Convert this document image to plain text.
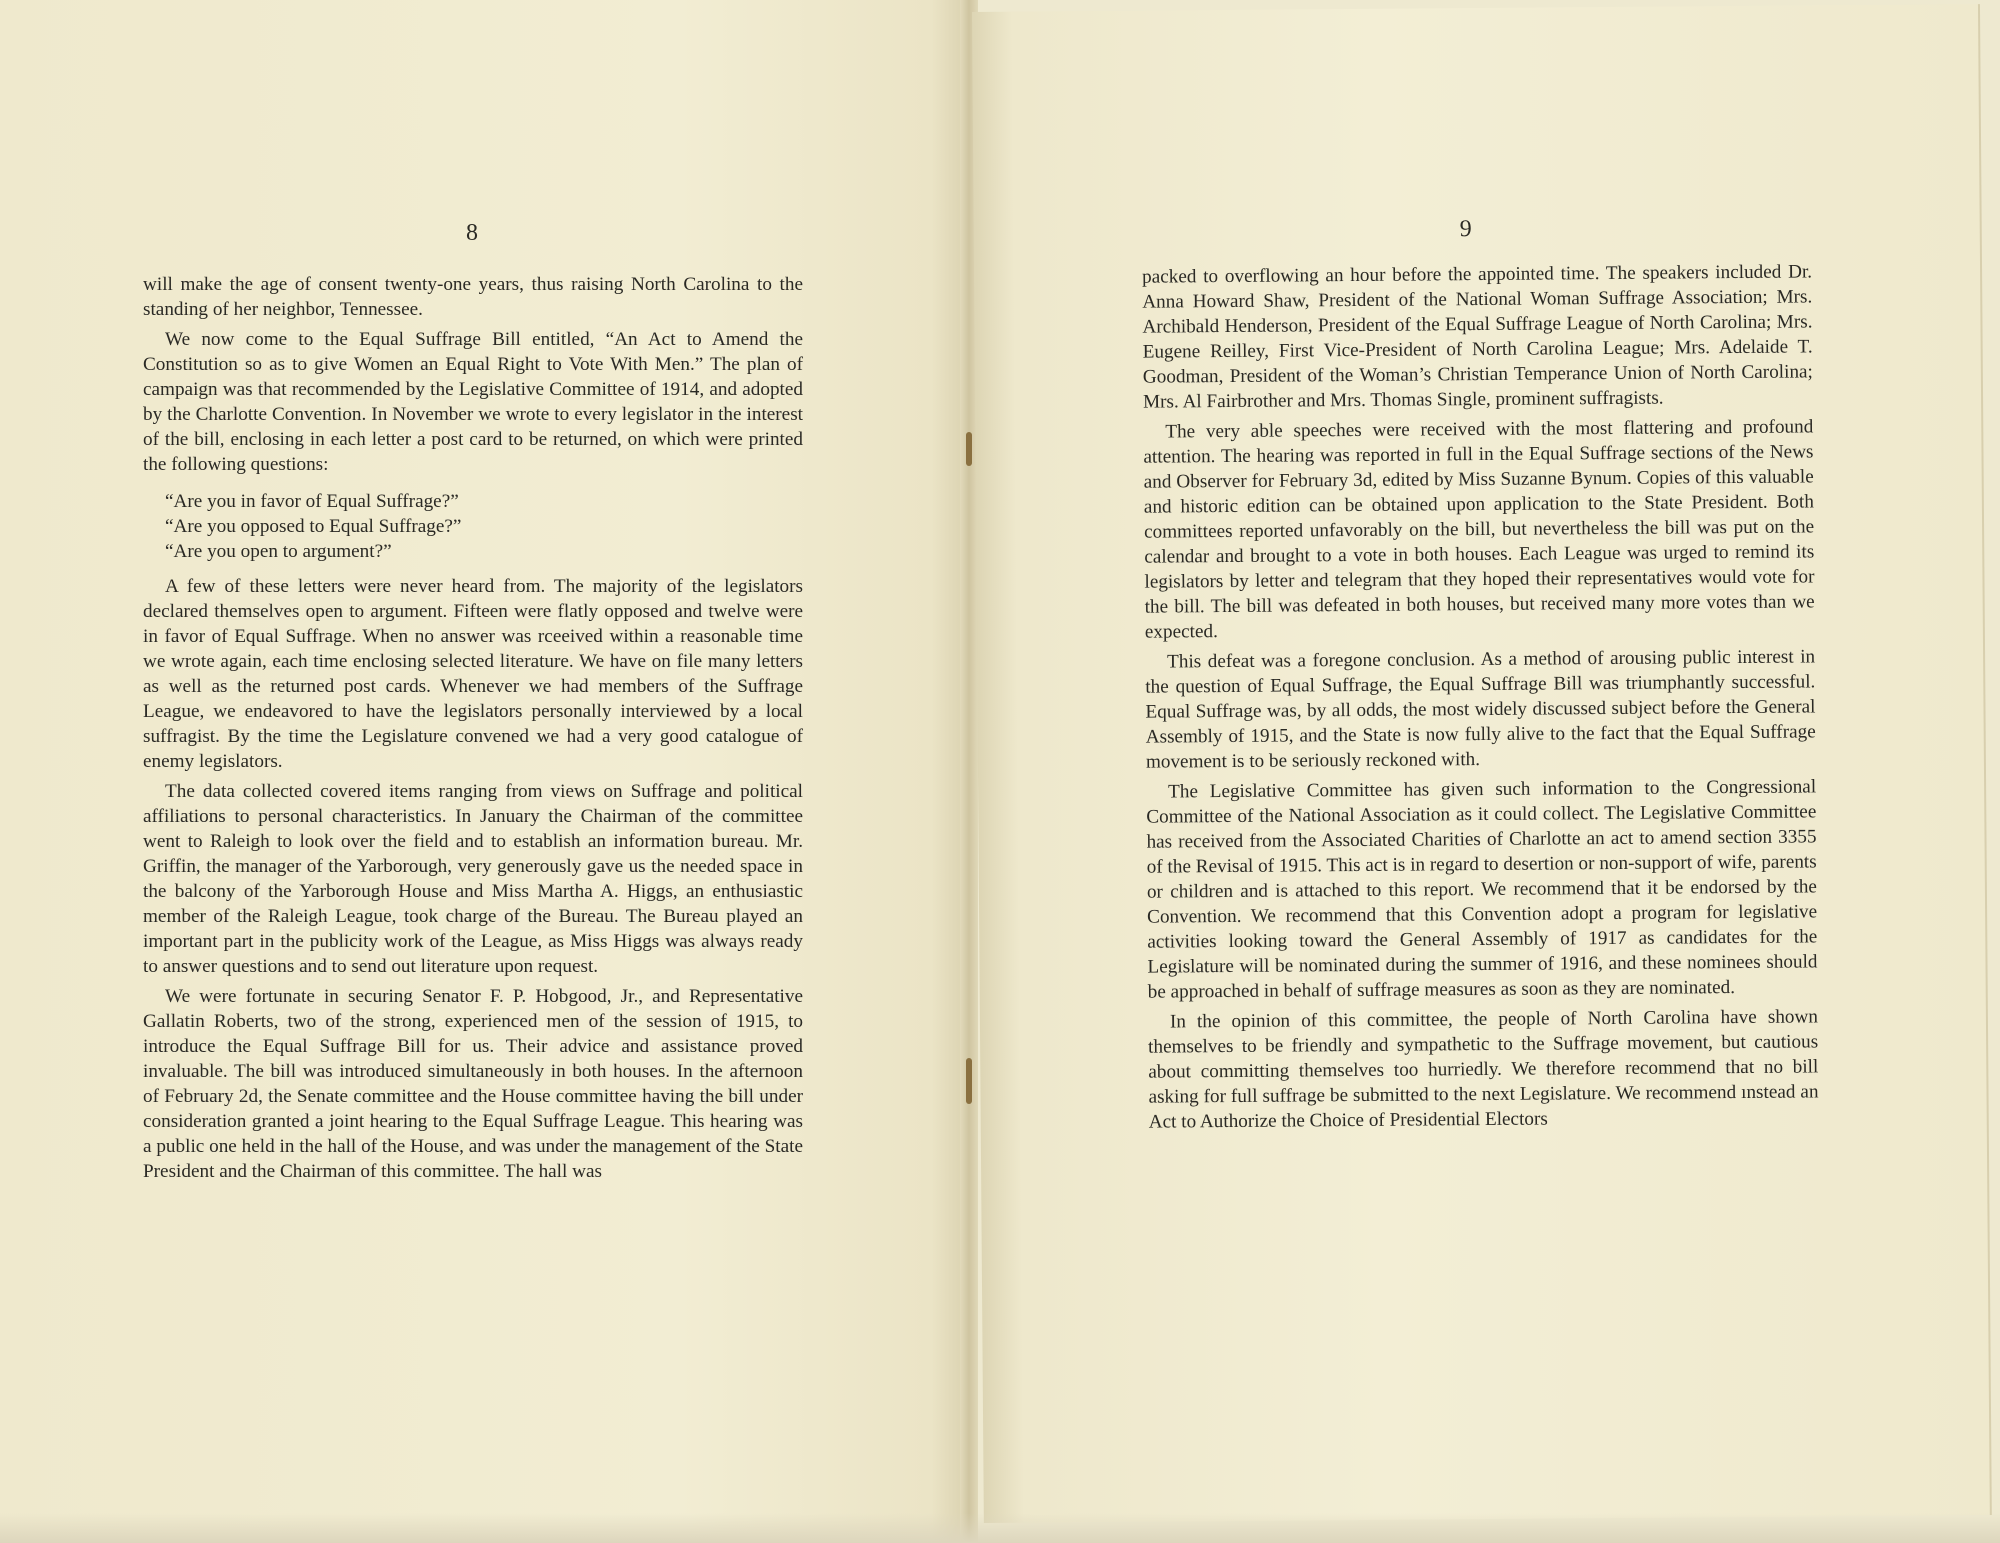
8

will make the age of consent twenty-one years, thus raising North Carolina to the standing of her neighbor, Tennessee.

We now come to the Equal Suffrage Bill entitled, “An Act to Amend the Constitution so as to give Women an Equal Right to Vote With Men.” The plan of campaign was that recommended by the Legislative Committee of 1914, and adopted by the Charlotte Convention. In November we wrote to every legislator in the interest of the bill, enclosing in each letter a post card to be returned, on which were printed the following questions:

“Are you in favor of Equal Suffrage?”
“Are you opposed to Equal Suffrage?”
“Are you open to argument?”

A few of these letters were never heard from. The majority of the legislators declared themselves open to argument. Fifteen were flatly opposed and twelve were in favor of Equal Suffrage. When no answer was rceeived within a reasonable time we wrote again, each time enclosing selected literature. We have on file many letters as well as the returned post cards. Whenever we had members of the Suffrage League, we endeavored to have the legislators personally interviewed by a local suffragist. By the time the Legislature convened we had a very good catalogue of enemy legislators.

The data collected covered items ranging from views on Suffrage and political affiliations to personal characteristics. In January the Chairman of the committee went to Raleigh to look over the field and to establish an information bureau. Mr. Griffin, the manager of the Yarborough, very generously gave us the needed space in the balcony of the Yarborough House and Miss Martha A. Higgs, an enthusiastic member of the Raleigh League, took charge of the Bureau. The Bureau played an important part in the publicity work of the League, as Miss Higgs was always ready to answer questions and to send out literature upon request.

We were fortunate in securing Senator F. P. Hobgood, Jr., and Representative Gallatin Roberts, two of the strong, experienced men of the session of 1915, to introduce the Equal Suffrage Bill for us. Their advice and assistance proved invaluable. The bill was introduced simultaneously in both houses. In the afternoon of February 2d, the Senate committee and the House committee having the bill under consideration granted a joint hearing to the Equal Suffrage League. This hearing was a public one held in the hall of the House, and was under the management of the State President and the Chairman of this committee. The hall was

9

packed to overflowing an hour before the appointed time. The speakers included Dr. Anna Howard Shaw, President of the National Woman Suffrage Association; Mrs. Archibald Henderson, President of the Equal Suffrage League of North Carolina; Mrs. Eugene Reilley, First Vice-President of North Carolina League; Mrs. Adelaide T. Goodman, President of the Woman’s Christian Temperance Union of North Carolina; Mrs. Al Fairbrother and Mrs. Thomas Single, prominent suffragists.

The very able speeches were received with the most flattering and profound attention. The hearing was reported in full in the Equal Suffrage sections of the News and Observer for February 3d, edited by Miss Suzanne Bynum. Copies of this valuable and historic edition can be obtained upon application to the State President. Both committees reported unfavorably on the bill, but nevertheless the bill was put on the calendar and brought to a vote in both houses. Each League was urged to remind its legislators by letter and telegram that they hoped their representatives would vote for the bill. The bill was defeated in both houses, but received many more votes than we expected.

This defeat was a foregone conclusion. As a method of arousing public interest in the question of Equal Suffrage, the Equal Suffrage Bill was triumphantly successful. Equal Suffrage was, by all odds, the most widely discussed subject before the General Assembly of 1915, and the State is now fully alive to the fact that the Equal Suffrage movement is to be seriously reckoned with.

The Legislative Committee has given such information to the Congressional Committee of the National Association as it could collect. The Legislative Committee has received from the Associated Charities of Charlotte an act to amend section 3355 of the Revisal of 1915. This act is in regard to desertion or non-support of wife, parents or children and is attached to this report. We recommend that it be endorsed by the Convention. We recommend that this Convention adopt a program for legislative activities looking toward the General Assembly of 1917 as candidates for the Legislature will be nominated during the summer of 1916, and these nominees should be approached in behalf of suffrage measures as soon as they are nominated.

In the opinion of this committee, the people of North Carolina have shown themselves to be friendly and sympathetic to the Suffrage movement, but cautious about committing themselves too hurriedly. We therefore recommend that no bill asking for full suffrage be submitted to the next Legislature. We recommend ınstead an Act to Authorize the Choice of Presidential Electors
